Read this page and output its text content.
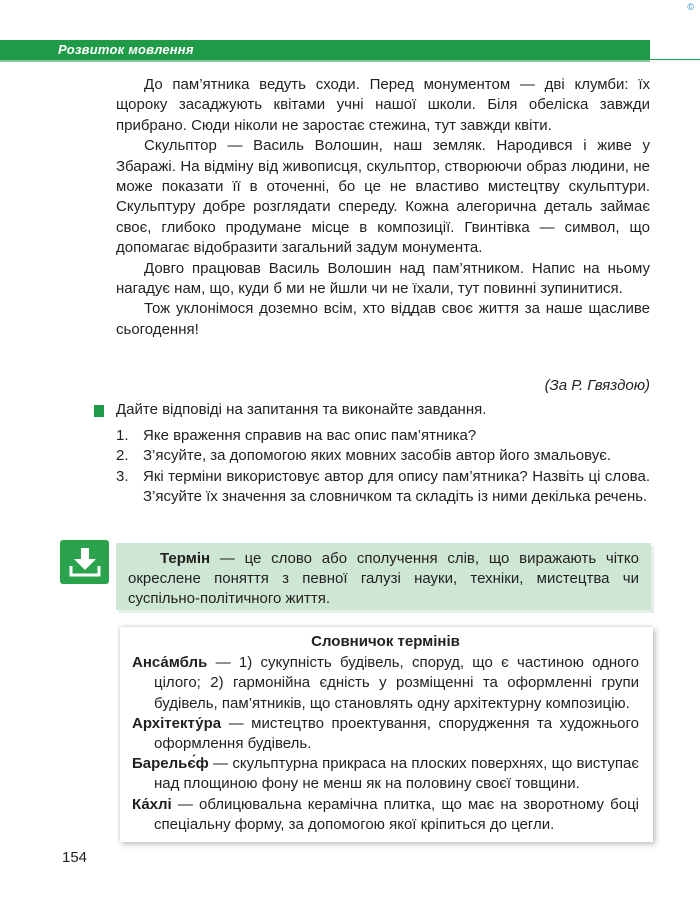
©
Розвиток мовлення

До пам’ятника ведуть сходи. Перед монументом — дві клумби: їх щороку засаджують квітами учні нашої школи. Біля обеліска завжди прибрано. Сюди ніколи не заростає стежина, тут завжди квіти.

Скульптор — Василь Волошин, наш земляк. Народився і живе у Збаражі. На відміну від живописця, скульптор, створюючи образ людини, не може показати її в оточенні, бо це не властиво мистецтву скульптури. Скульптуру добре розглядати спереду. Кожна алегорична деталь займає своє, глибоко продумане місце в композиції. Гвинтівка — символ, що допомагає відобразити загальний задум монумента.

Довго працював Василь Волошин над пам’ятником. Напис на ньому нагадує нам, що, куди б ми не йшли чи не їхали, тут повинні зупинитися.

Тож уклонімося доземно всім, хто віддав своє життя за наше щасливе сьогодення!

(За Р. Гвяздою)
Дайте відповіді на запитання та виконайте завдання.
1. Яке враження справив на вас опис пам’ятника?
2. З’ясуйте, за допомогою яких мовних засобів автор його змальовує.
3. Які терміни використовує автор для опису пам’ятника? Назвіть ці слова. З’ясуйте їх значення за словничком та складіть із ними декілька речень.
Термін — це слово або сполучення слів, що виражають чітко окреслене поняття з певної галузі науки, техніки, мистецтва чи суспільно-політичного життя.
Словничок термінів

Анса́мбль — 1) сукупність будівель, споруд, що є частиною одного цілого; 2) гармонійна єдність у розміщенні та оформленні групи будівель, пам’ятників, що становлять одну архітектурну композицію.

Архітекту́ра — мистецтво проектування, спорудження та художнього оформлення будівель.

Барельє́ф — скульптурна прикраса на плоских поверхнях, що виступає над площиною фону не менш як на половину своєї товщини.

Ка́хлі — облицювальна керамічна плитка, що має на зворотному боці спеціальну форму, за допомогою якої кріпиться до цегли.

154
